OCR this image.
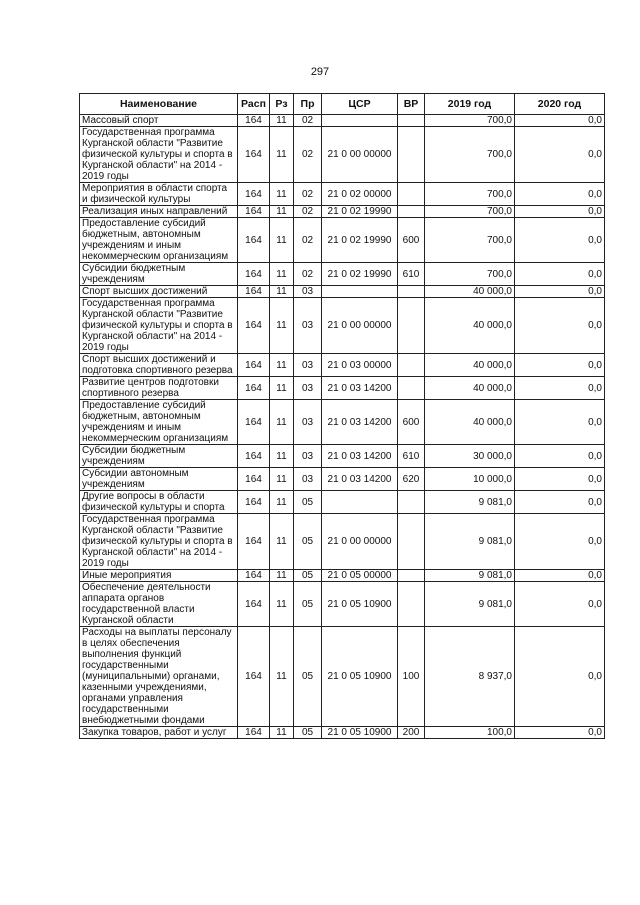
297
Наименование	Расп	Рз	Пр	ЦСР	ВР	2019 год	2020 год
Массовый спорт	164	11	02			700,0	0,0
Государственная программа Курганской области "Развитие физической культуры и спорта в Курганской области" на 2014 - 2019 годы	164	11	02	21 0 00 00000		700,0	0,0
Мероприятия в области спорта и физической культуры	164	11	02	21 0 02 00000		700,0	0,0
Реализация иных направлений	164	11	02	21 0 02 19990		700,0	0,0
Предоставление субсидий бюджетным, автономным учреждениям и иным некоммерческим организациям	164	11	02	21 0 02 19990	600	700,0	0,0
Субсидии бюджетным учреждениям	164	11	02	21 0 02 19990	610	700,0	0,0
Спорт высших достижений	164	11	03			40 000,0	0,0
Государственная программа Курганской области "Развитие физической культуры и спорта в Курганской области" на 2014 - 2019 годы	164	11	03	21 0 00 00000		40 000,0	0,0
Спорт высших достижений и подготовка спортивного резерва	164	11	03	21 0 03 00000		40 000,0	0,0
Развитие центров подготовки спортивного резерва	164	11	03	21 0 03 14200		40 000,0	0,0
Предоставление субсидий бюджетным, автономным учреждениям и иным некоммерческим организациям	164	11	03	21 0 03 14200	600	40 000,0	0,0
Субсидии бюджетным учреждениям	164	11	03	21 0 03 14200	610	30 000,0	0,0
Субсидии автономным учреждениям	164	11	03	21 0 03 14200	620	10 000,0	0,0
Другие вопросы в области физической культуры и спорта	164	11	05			9 081,0	0,0
Государственная программа Курганской области "Развитие физической культуры и спорта в Курганской области" на 2014 - 2019 годы	164	11	05	21 0 00 00000		9 081,0	0,0
Иные мероприятия	164	11	05	21 0 05 00000		9 081,0	0,0
Обеспечение деятельности аппарата органов государственной власти Курганской области	164	11	05	21 0 05 10900		9 081,0	0,0
Расходы на выплаты персоналу в целях обеспечения выполнения функций государственными (муниципальными) органами, казенными учреждениями, органами управления государственными внебюджетными фондами	164	11	05	21 0 05 10900	100	8 937,0	0,0
Закупка товаров, работ и услуг	164	11	05	21 0 05 10900	200	100,0	0,0
